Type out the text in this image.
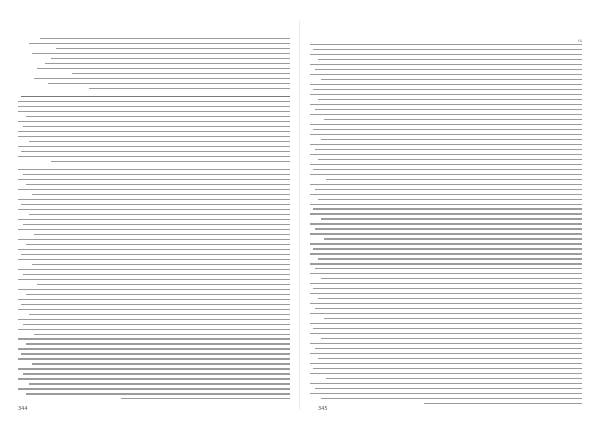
٢٥
344	345
